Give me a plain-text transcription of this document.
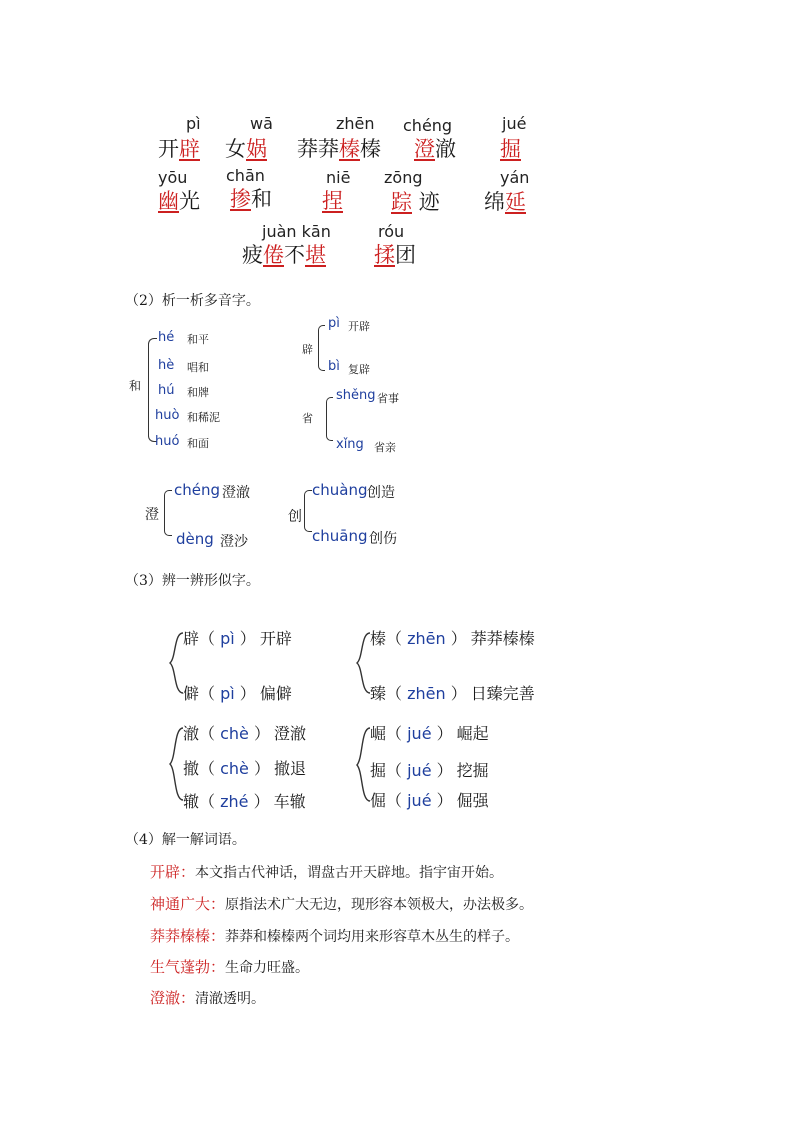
pì
开辟
wā
女娲
zhēn
莽莽榛榛
chéng
澄澈
jué
掘
yōu
幽光
chān
掺和
niē
捏
zōng
踪 迹
yán
绵延
juàn kān
疲倦不堪
róu
揉团
（2）析一析多音字。
和
hé 和平
hè 唱和
hú 和牌
huò 和稀泥
huó 和面
辟
pì 开辟
bì 复辟
省
shěng 省事
xǐng 省亲
澄
chéng 澄澈
dèng 澄沙
创
chuàng 创造
chuāng 创伤
（3）辨一辨形似字。
辟（ pì ） 开辟
僻（ pì ） 偏僻
榛（ zhēn ） 莽莽榛榛
臻（ zhēn ） 日臻完善
澈（ chè ） 澄澈
撤（ chè ） 撤退
辙（ zhé ） 车辙
崛（ jué ） 崛起
掘（ jué ） 挖掘
倔（ jué ） 倔强
（4）解一解词语。
开辟：本文指古代神话，谓盘古开天辟地。指宇宙开始。
神通广大：原指法术广大无边，现形容本领极大，办法极多。
莽莽榛榛：莽莽和榛榛两个词均用来形容草木丛生的样子。
生气蓬勃：生命力旺盛。
澄澈：清澈透明。
